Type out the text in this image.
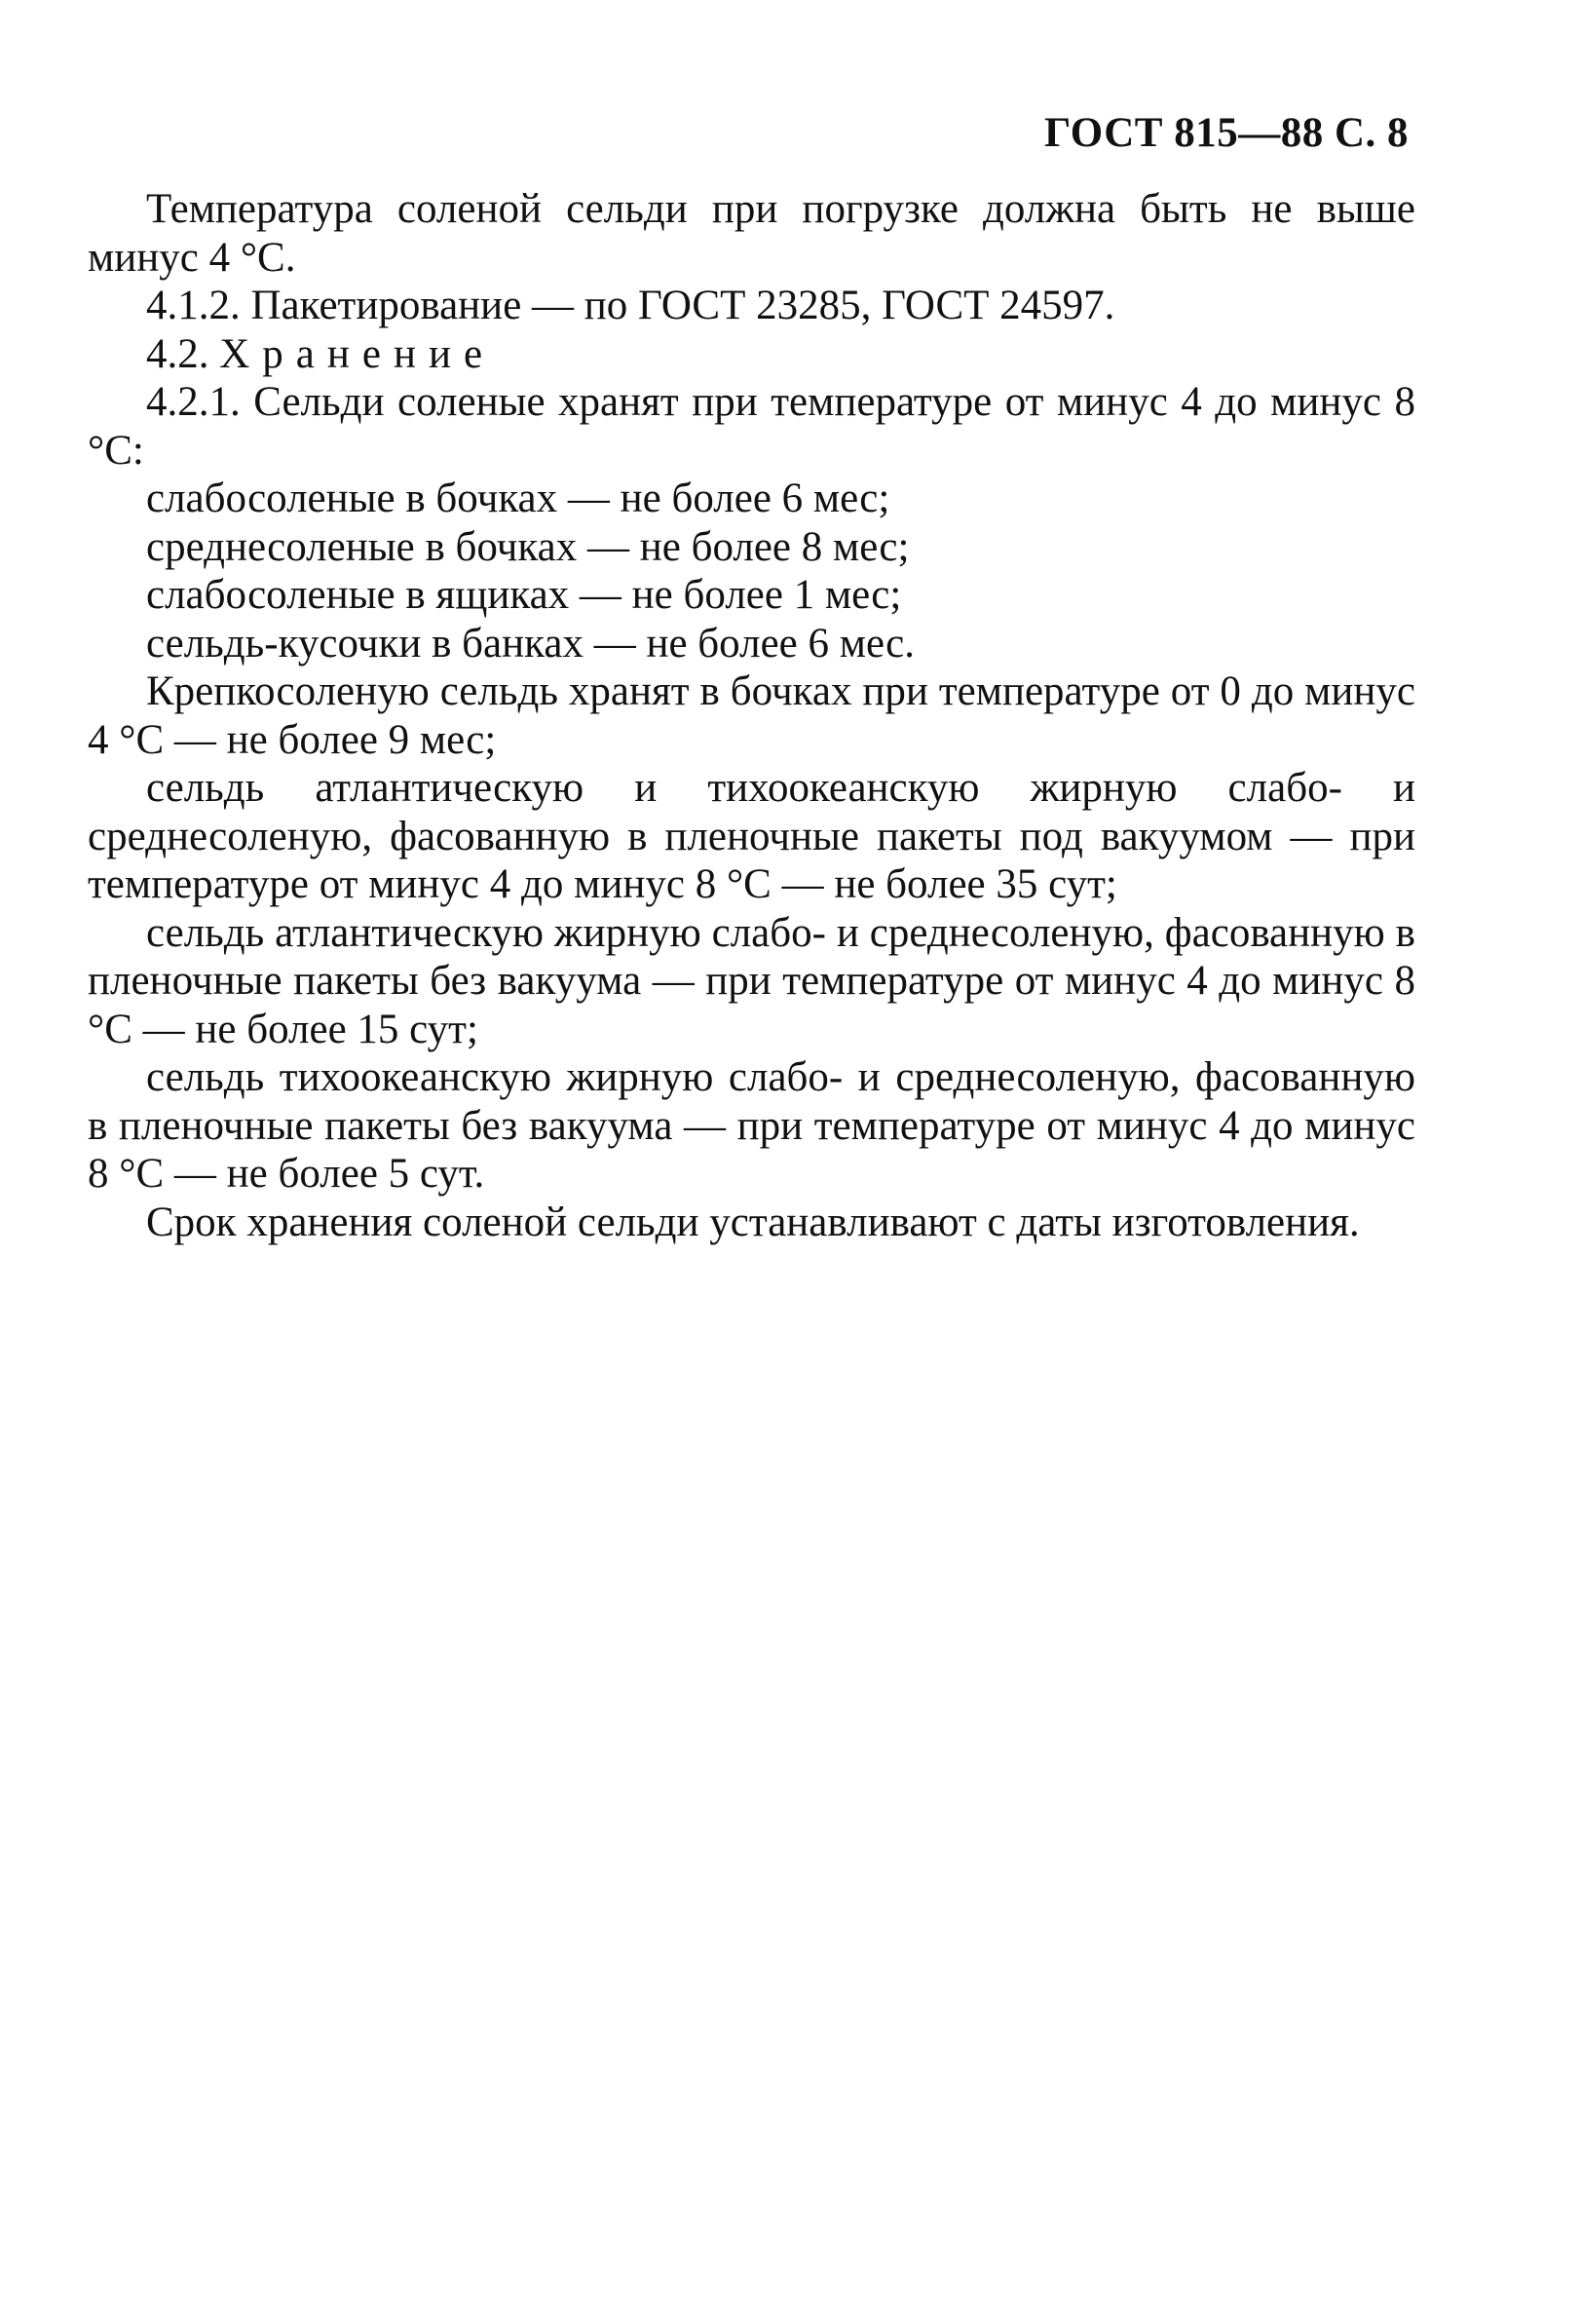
ГОСТ 815—88 С. 8

Температура соленой сельди при погрузке должна быть не выше минус 4 °С.

4.1.2. Пакетирование — по ГОСТ 23285, ГОСТ 24597.

4.2. Хранение

4.2.1. Сельди соленые хранят при температуре от минус 4 до минус 8 °С:

слабосоленые в бочках — не более 6 мес;

среднесоленые в бочках — не более 8 мес;

слабосоленые в ящиках — не более 1 мес;

сельдь-кусочки в банках — не более 6 мес.

Крепкосоленую сельдь хранят в бочках при температуре от 0 до минус 4 °С — не более 9 мес;

сельдь атлантическую и тихоокеанскую жирную слабо- и среднесоленую, фасованную в пленочные пакеты под вакуумом — при температуре от минус 4 до минус 8 °С — не более 35 сут;

сельдь атлантическую жирную слабо- и среднесоленую, фасованную в пленочные пакеты без вакуума — при температуре от минус 4 до минус 8 °С — не более 15 сут;

сельдь тихоокеанскую жирную слабо- и среднесоленую, фасованную в пленочные пакеты без вакуума — при температуре от минус 4 до минус 8 °С — не более 5 сут.

Срок хранения соленой сельди устанавливают с даты изготовления.
